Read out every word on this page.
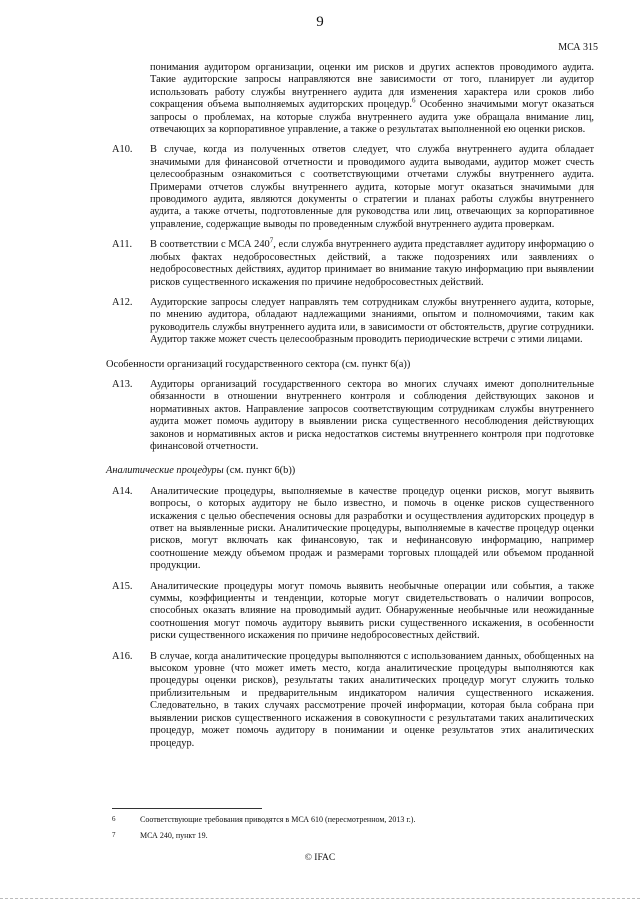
9
МСА 315

понимания аудитором организации, оценки им рисков и других аспектов проводимого аудита. Такие аудиторские запросы направляются вне зависимости от того, планирует ли аудитор использовать работу службы внутреннего аудита для изменения характера или сроков либо сокращения объема выполняемых аудиторских процедур.$^6$ Особенно значимыми могут оказаться запросы о проблемах, на которые служба внутреннего аудита уже обращала внимание лиц, отвечающих за корпоративное управление, а также о результатах выполненной ею оценки рисков.

A10.	В случае, когда из полученных ответов следует, что служба внутреннего аудита обладает значимыми для финансовой отчетности и проводимого аудита выводами, аудитор может счесть целесообразным ознакомиться с соответствующими отчетами службы внутреннего аудита. Примерами отчетов службы внутреннего аудита, которые могут оказаться значимыми для проводимого аудита, являются документы о стратегии и планах работы службы внутреннего аудита, а также отчеты, подготовленные для руководства или лиц, отвечающих за корпоративное управление, содержащие выводы по проведенным службой внутреннего аудита проверкам.

A11.	В соответствии с МСА $240^7$, если служба внутреннего аудита представляет аудитору информацию о любых фактах недобросовестных действий, а также подозрениях или заявлениях о недобросовестных действиях, аудитор принимает во внимание такую информацию при выявлении рисков существенного искажения по причине недобросовестных действий.

A12.	Аудиторские запросы следует направлять тем сотрудникам службы внутреннего аудита, которые, по мнению аудитора, обладают надлежащими знаниями, опытом и полномочиями, таким как руководитель службы внутреннего аудита или, в зависимости от обстоятельств, другие сотрудники. Аудитор также может счесть целесообразным проводить периодические встречи с этими лицами.

Особенности организаций государственного сектора (см. пункт 6(а))
A13.	Аудиторы организаций государственного сектора во многих случаях имеют дополнительные обязанности в отношении внутреннего контроля и соблюдения действующих законов и нормативных актов. Направление запросов соответствующим сотрудникам службы внутреннего аудита может помочь аудитору в выявлении риска существенного несоблюдения действующих законов и нормативных актов и риска недостатков системы внутреннего контроля при подготовке финансовой отчетности.

Аналитические процедуры (см. пункт 6(b))
A14.	Аналитические процедуры, выполняемые в качестве процедур оценки рисков, могут выявить вопросы, о которых аудитору не было известно, и помочь в оценке рисков существенного искажения с целью обеспечения основы для разработки и осуществления аудиторских процедур в ответ на выявленные риски. Аналитические процедуры, выполняемые в качестве процедур оценки рисков, могут включать как финансовую, так и нефинансовую информацию, например соотношение между объемом продаж и размерами торговых площадей или объемом проданной продукции.

A15.	Аналитические процедуры могут помочь выявить необычные операции или события, а также суммы, коэффициенты и тенденции, которые могут свидетельствовать о наличии вопросов, способных оказать влияние на проводимый аудит. Обнаруженные необычные или неожиданные соотношения могут помочь аудитору выявить риски существенного искажения, в особенности риски существенного искажения по причине недобросовестных действий.

A16.	В случае, когда аналитические процедуры выполняются с использованием данных, обобщенных на высоком уровне (что может иметь место, когда аналитические процедуры выполняются как процедуры оценки рисков), результаты таких аналитических процедур могут служить только приблизительным и предварительным индикатором наличия существенного искажения. Следовательно, в таких случаях рассмотрение прочей информации, которая была собрана при выявлении рисков существенного искажения в совокупности с результатами таких аналитических процедур, может помочь аудитору в понимании и оценке результатов этих аналитических процедур.

6	Соответствующие требования приводятся в МСА 610 (пересмотренном, 2013 г.).
7	МСА 240, пункт 19.
© IFAC
